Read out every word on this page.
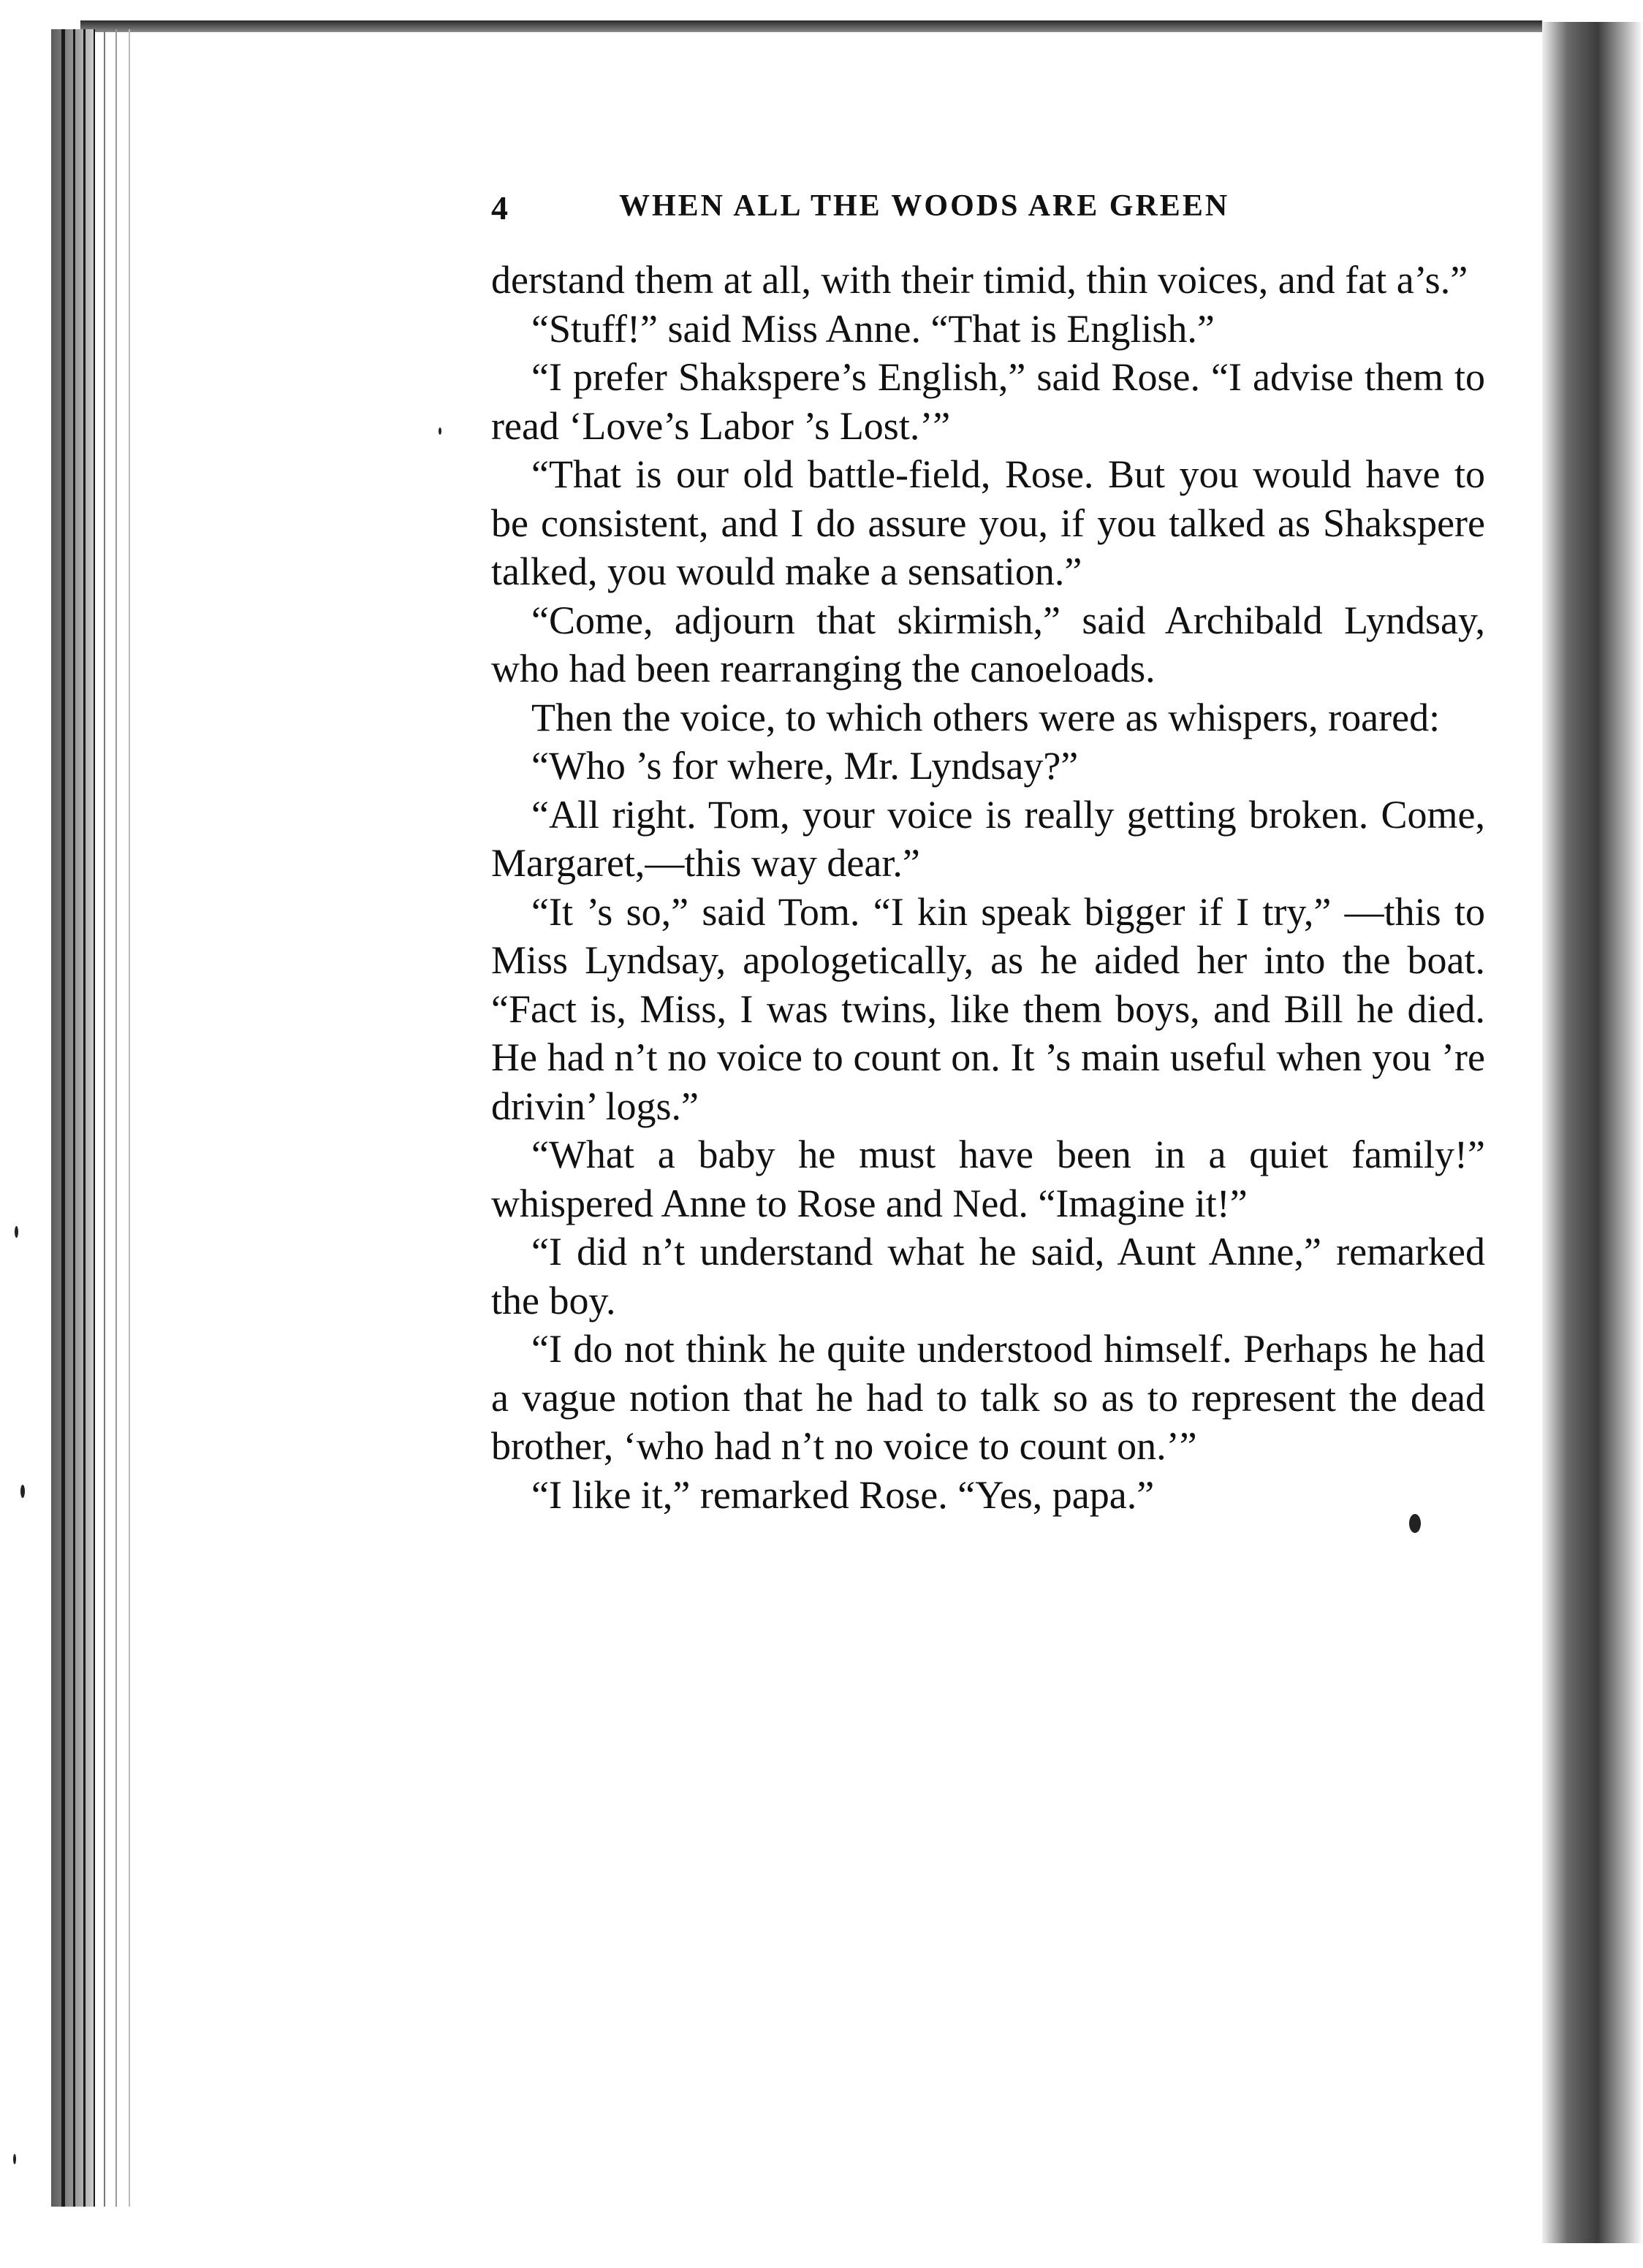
4	WHEN ALL THE WOODS ARE GREEN

derstand them at all, with their timid, thin voices, and fat a’s.”

“Stuff!” said Miss Anne. “That is English.”

“I prefer Shakspere’s English,” said Rose. “I advise them to read ‘Love’s Labor ’s Lost.’”

“That is our old battle-field, Rose. But you would have to be consistent, and I do assure you, if you talked as Shakspere talked, you would make a sensation.”

“Come, adjourn that skirmish,” said Archibald Lyndsay, who had been rearranging the canoeloads.

Then the voice, to which others were as whispers, roared:

“Who ’s for where, Mr. Lyndsay?”

“All right. Tom, your voice is really getting broken. Come, Margaret,—this way dear.”

“It ’s so,” said Tom. “I kin speak bigger if I try,” —this to Miss Lyndsay, apologetically, as he aided her into the boat. “Fact is, Miss, I was twins, like them boys, and Bill he died. He had n’t no voice to count on. It ’s main useful when you ’re drivin’ logs.”

“What a baby he must have been in a quiet family!” whispered Anne to Rose and Ned. “Imagine it!”

“I did n’t understand what he said, Aunt Anne,” remarked the boy.

“I do not think he quite understood himself. Perhaps he had a vague notion that he had to talk so as to represent the dead brother, ‘who had n’t no voice to count on.’”

“I like it,” remarked Rose. “Yes, papa.”
